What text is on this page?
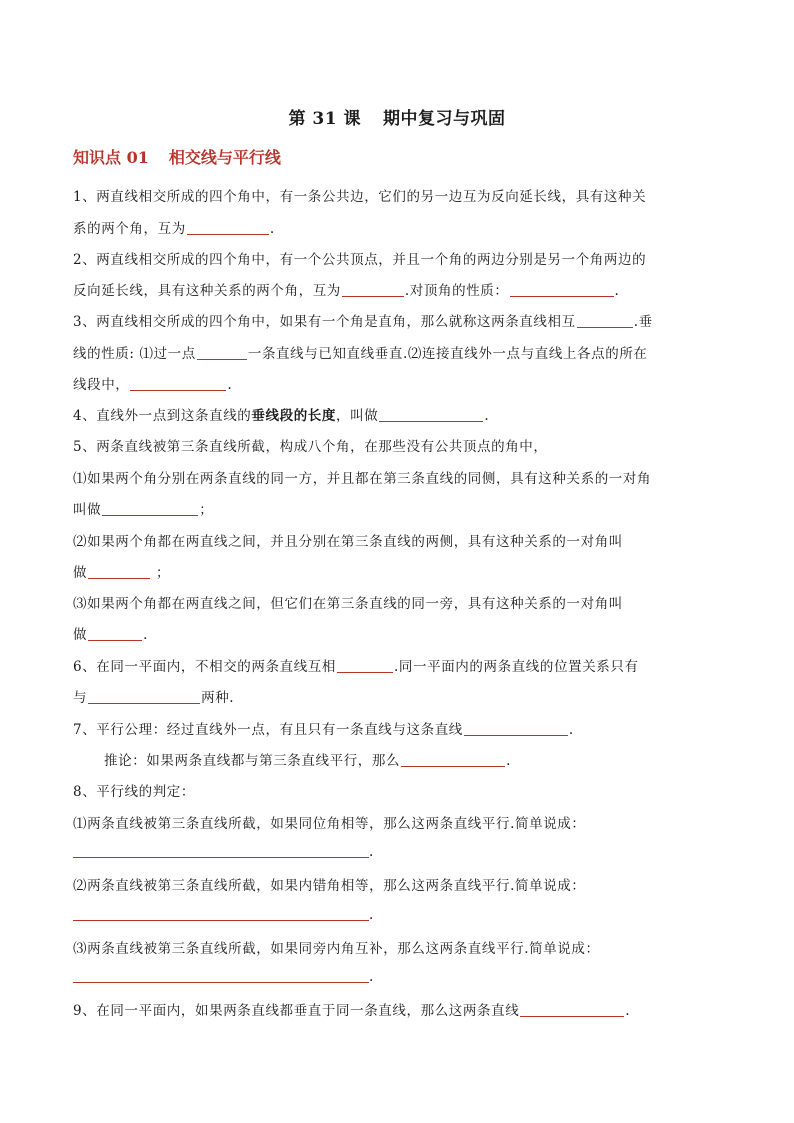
第 31 课 期中复习与巩固
知识点 01 相交线与平行线
1、两直线相交所成的四个角中，有一条公共边，它们的另一边互为反向延长线，具有这种关
系的两个角，互为	.
2、两直线相交所成的四个角中，有一个公共顶点，并且一个角的两边分别是另一个角两边的
反向延长线，具有这种关系的两个角，互为	.对顶角的性质：	.
3、两直线相交所成的四个角中，如果有一个角是直角，那么就称这两条直线相互	.垂
线的性质: ⑴过一点	一条直线与已知直线垂直.⑵连接直线外一点与直线上各点的所在
线段中，	.
4、直线外一点到这条直线的垂线段的长度，叫做	.
5、两条直线被第三条直线所截，构成八个角，在那些没有公共顶点的角中，
⑴如果两个角分别在两条直线的同一方，并且都在第三条直线的同侧，具有这种关系的一对角
叫做	；
⑵如果两个角都在两直线之间，并且分别在第三条直线的两侧，具有这种关系的一对角叫
做	；
⑶如果两个角都在两直线之间，但它们在第三条直线的同一旁，具有这种关系的一对角叫
做	.
6、在同一平面内，不相交的两条直线互相	.同一平面内的两条直线的位置关系只有
与	两种.
7、平行公理：经过直线外一点，有且只有一条直线与这条直线	.
推论：如果两条直线都与第三条直线平行，那么	.
8、平行线的判定：
⑴两条直线被第三条直线所截，如果同位角相等，那么这两条直线平行.简单说成：
.
⑵两条直线被第三条直线所截，如果内错角相等，那么这两条直线平行.简单说成：
.
⑶两条直线被第三条直线所截，如果同旁内角互补，那么这两条直线平行.简单说成：
.
9、在同一平面内，如果两条直线都垂直于同一条直线，那么这两条直线	.
